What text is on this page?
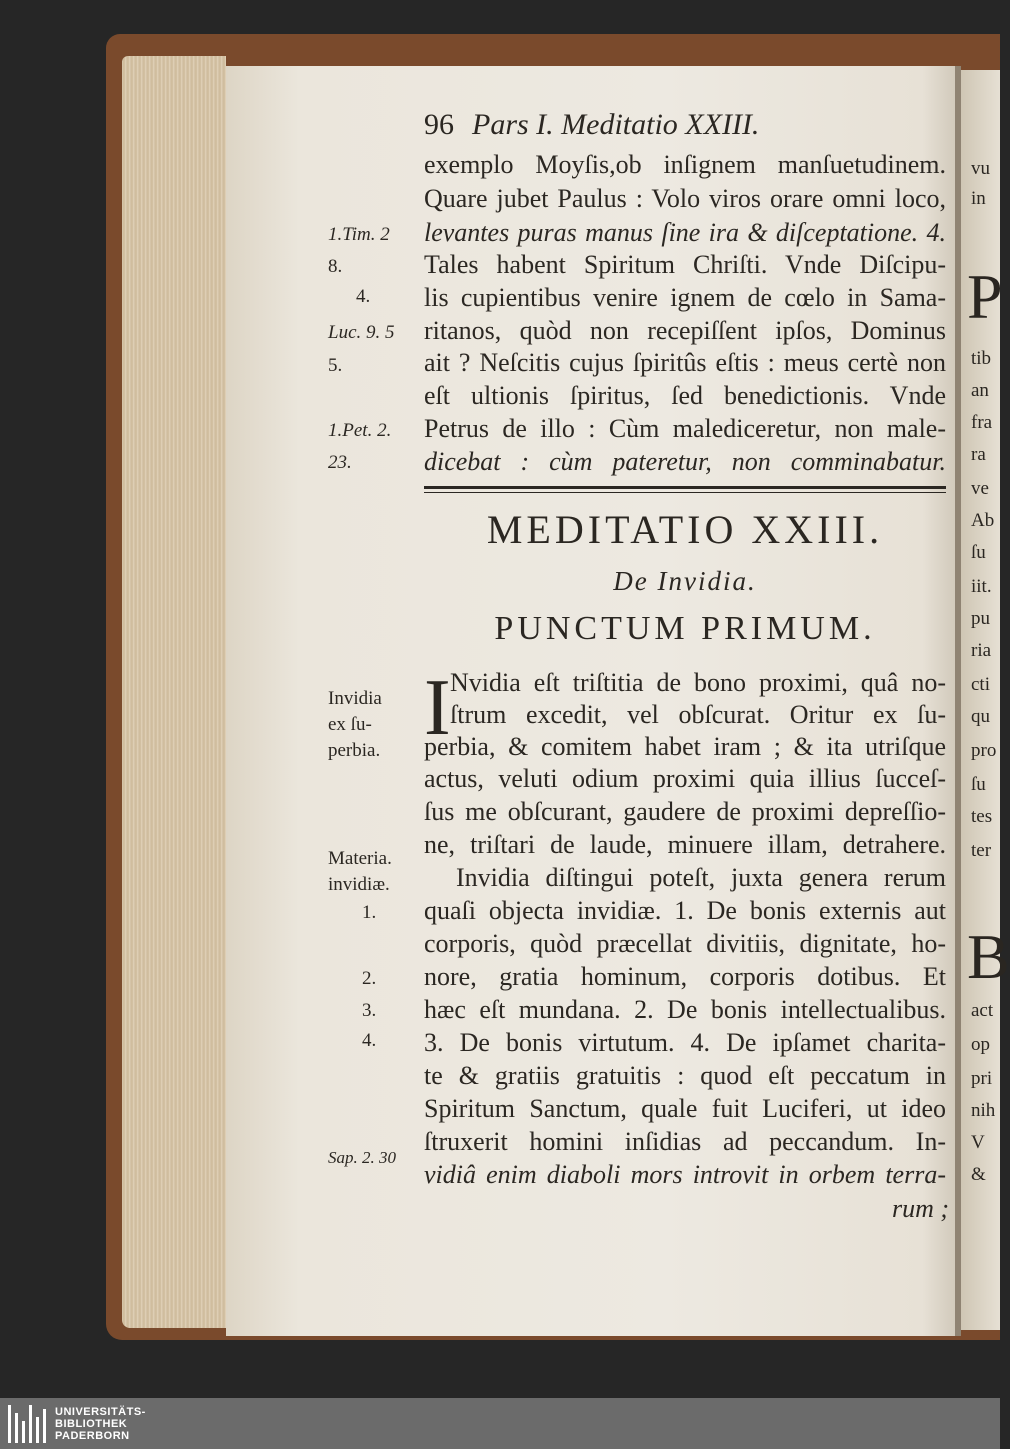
vu
in
P
tib
an
fra
ra
ve
Ab
ſu
iit.
pu
ria
cti
qu
pro
ſu
tes
ter
B
act
op
pri
nih
V
&
96 Pars I. Meditatio XXIII.
exemplo Moyſis,ob inſignem manſuetudinem.
Quare jubet Paulus : Volo viros orare omni loco,
levantes puras manus ſine ira & diſceptatione. 4.
Tales habent Spiritum Chriſti. Vnde Diſcipu-
lis cupientibus venire ignem de cœlo in Sama-
ritanos, quòd non recepiſſent ipſos, Dominus
ait ? Neſcitis cujus ſpiritûs eſtis : meus certè non
eſt ultionis ſpiritus, ſed benedictionis. Vnde
Petrus de illo : Cùm malediceretur, non male-
dicebat : cùm pateretur, non comminabatur.
1.Tim. 2
8.
4.
Luc. 9. 5
5.
1.Pet. 2.
23.
MEDITATIO XXIII.
De Invidia.
PUNCTUM PRIMUM.
I Nvidia eſt triſtitia de bono proximi, quâ no-
ſtrum excedit, vel obſcurat. Oritur ex ſu-
perbia, & comitem habet iram ; & ita utriſque
actus, veluti odium proximi quia illius ſucceſ-
ſus me obſcurant, gaudere de proximi depreſſio-
ne, triſtari de laude, minuere illam, detrahere.
Invidia diſtingui poteſt, juxta genera rerum
quaſi objecta invidiæ. 1. De bonis externis aut
corporis, quòd præcellat divitiis, dignitate, ho-
nore, gratia hominum, corporis dotibus. Et
hæc eſt mundana. 2. De bonis intellectualibus.
3. De bonis virtutum. 4. De ipſamet charita-
te & gratiis gratuitis : quod eſt peccatum in
Spiritum Sanctum, quale fuit Luciferi, ut ideo
ſtruxerit homini inſidias ad peccandum. In-
vidiâ enim diaboli mors introvit in orbem terra-
rum ;
Invidia
ex ſu-
perbia.
Materia.
invidiæ.
1.
2.
3.
4.
Sap. 2. 30
UNIVERSITÄTS-
BIBLIOTHEK
PADERBORN
